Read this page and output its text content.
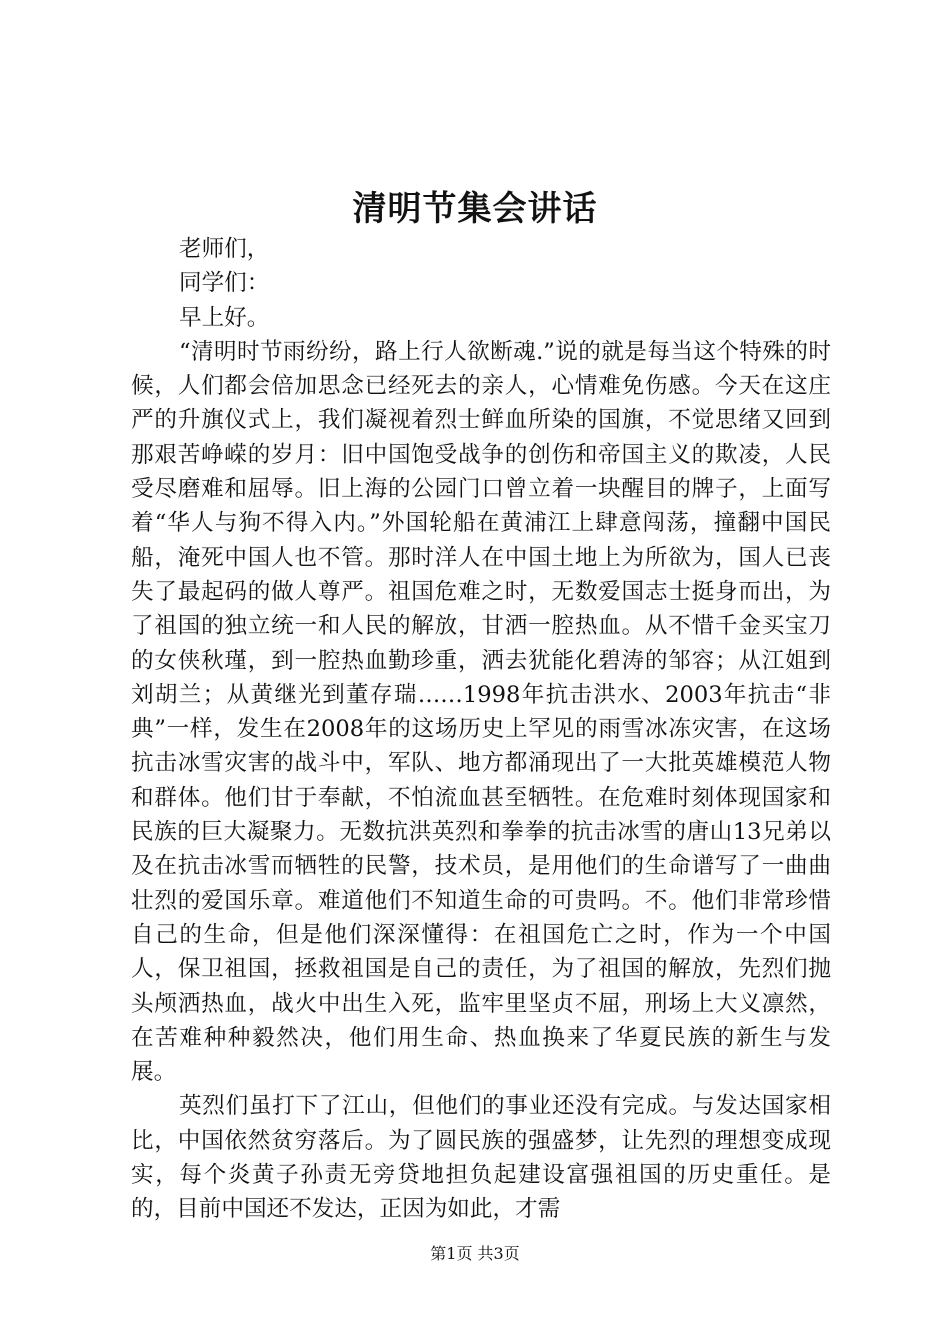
清明节集会讲话

老师们，

同学们：

早上好。

“清明时节雨纷纷，路上行人欲断魂.”说的就是每当这个特殊的时候，人们都会倍加思念已经死去的亲人，心情难免伤感。今天在这庄严的升旗仪式上，我们凝视着烈士鲜血所染的国旗，不觉思绪又回到那艰苦峥嵘的岁月：旧中国饱受战争的创伤和帝国主义的欺凌，人民受尽磨难和屈辱。旧上海的公园门口曾立着一块醒目的牌子，上面写着“华人与狗不得入内。”外国轮船在黄浦江上肆意闯荡，撞翻中国民船，淹死中国人也不管。那时洋人在中国土地上为所欲为，国人已丧失了最起码的做人尊严。祖国危难之时，无数爱国志士挺身而出，为了祖国的独立统一和人民的解放，甘洒一腔热血。从不惜千金买宝刀的女侠秋瑾，到一腔热血勤珍重，洒去犹能化碧涛的邹容；从江姐到刘胡兰；从黄继光到董存瑞……1998年抗击洪水、2003年抗击“非典”一样，发生在2008年的这场历史上罕见的雨雪冰冻灾害，在这场抗击冰雪灾害的战斗中，军队、地方都涌现出了一大批英雄模范人物和群体。他们甘于奉献，不怕流血甚至牺牲。在危难时刻体现国家和民族的巨大凝聚力。无数抗洪英烈和拳拳的抗击冰雪的唐山13兄弟以及在抗击冰雪而牺牲的民警，技术员，是用他们的生命谱写了一曲曲壮烈的爱国乐章。难道他们不知道生命的可贵吗。不。他们非常珍惜自己的生命，但是他们深深懂得：在祖国危亡之时，作为一个中国人，保卫祖国，拯救祖国是自己的责任，为了祖国的解放，先烈们抛头颅洒热血，战火中出生入死，监牢里坚贞不屈，刑场上大义凛然，在苦难种种毅然决，他们用生命、热血换来了华夏民族的新生与发展。

英烈们虽打下了江山，但他们的事业还没有完成。与发达国家相比，中国依然贫穷落后。为了圆民族的强盛梦，让先烈的理想变成现实，每个炎黄子孙责无旁贷地担负起建设富强祖国的历史重任。是的，目前中国还不发达，正因为如此，才需

第1页 共3页
